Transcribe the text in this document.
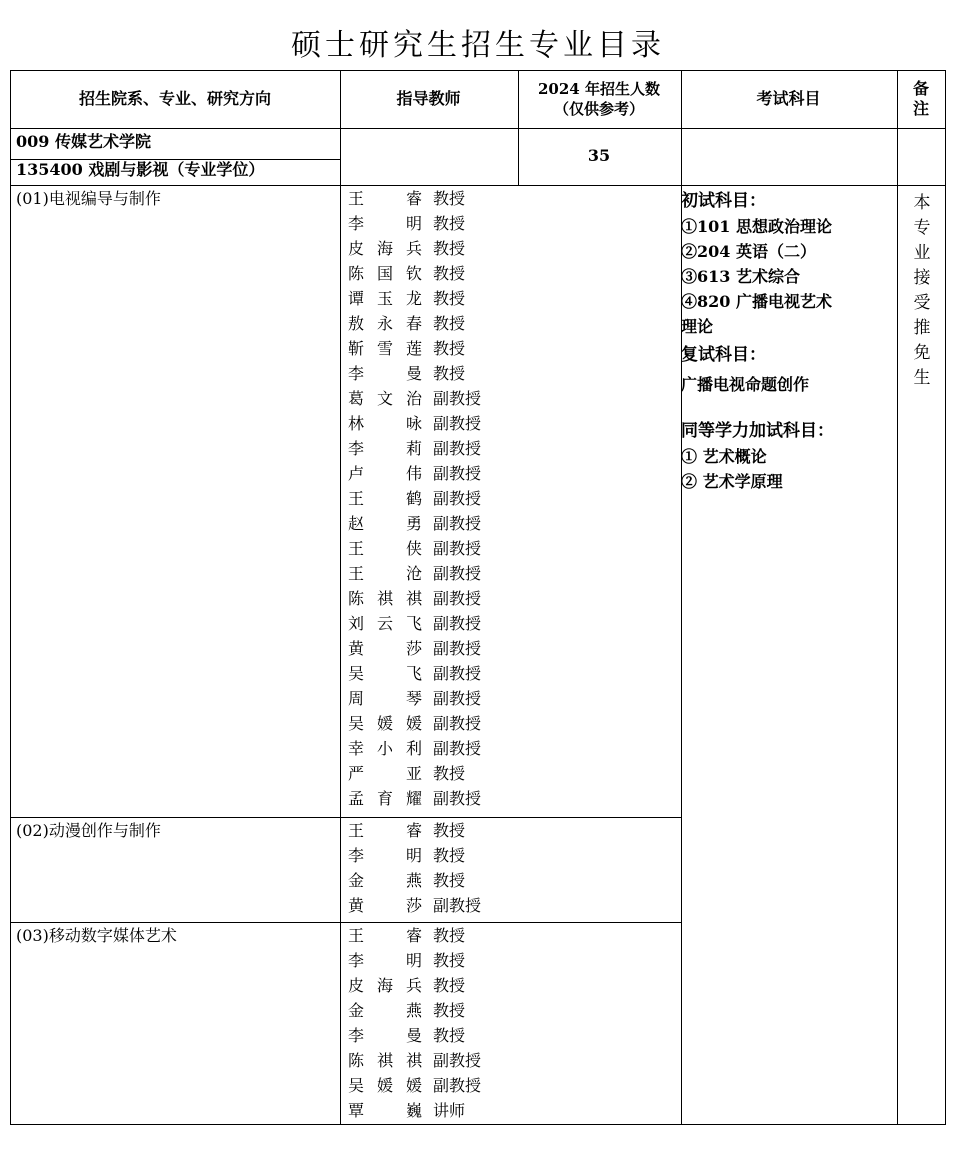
硕士研究生招生专业目录
招生院系、专业、研究方向	指导教师	2024 年招生人数
（仅供参考）
考试科目
备
注
009 传媒艺术学院
135400 戏剧与影视（专业学位）
35
(01)电视编导与制作
(02)动漫创作与制作
(03)移动数字媒体艺术
王　睿 教授
李　明 教授
皮海兵 教授
陈国钦 教授
谭玉龙 教授
敖永春 教授
靳雪莲 教授
李　曼 教授
葛文治 副教授
林　咏 副教授
李　莉 副教授
卢　伟 副教授
王　鹤 副教授
赵　勇 副教授
王　侠 副教授
王　沧 副教授
陈祺祺 副教授
刘云飞 副教授
黄　莎 副教授
吴　飞 副教授
周　琴 副教授
吴媛媛 副教授
幸小利 副教授
严　亚 教授
孟育耀 副教授
王　睿 教授
李　明 教授
金　燕 教授
黄　莎 副教授
王　睿 教授
李　明 教授
皮海兵 教授
金　燕 教授
李　曼 教授
陈祺祺 副教授
吴媛媛 副教授
覃　巍 讲师
初试科目：
①101 思想政治理论
②204 英语（二）
③613 艺术综合
④820 广播电视艺术
理论
复试科目：
广播电视命题创作
同等学力加试科目：
① 艺术概论
② 艺术学原理
本
专
业
接
受
推
免
生
